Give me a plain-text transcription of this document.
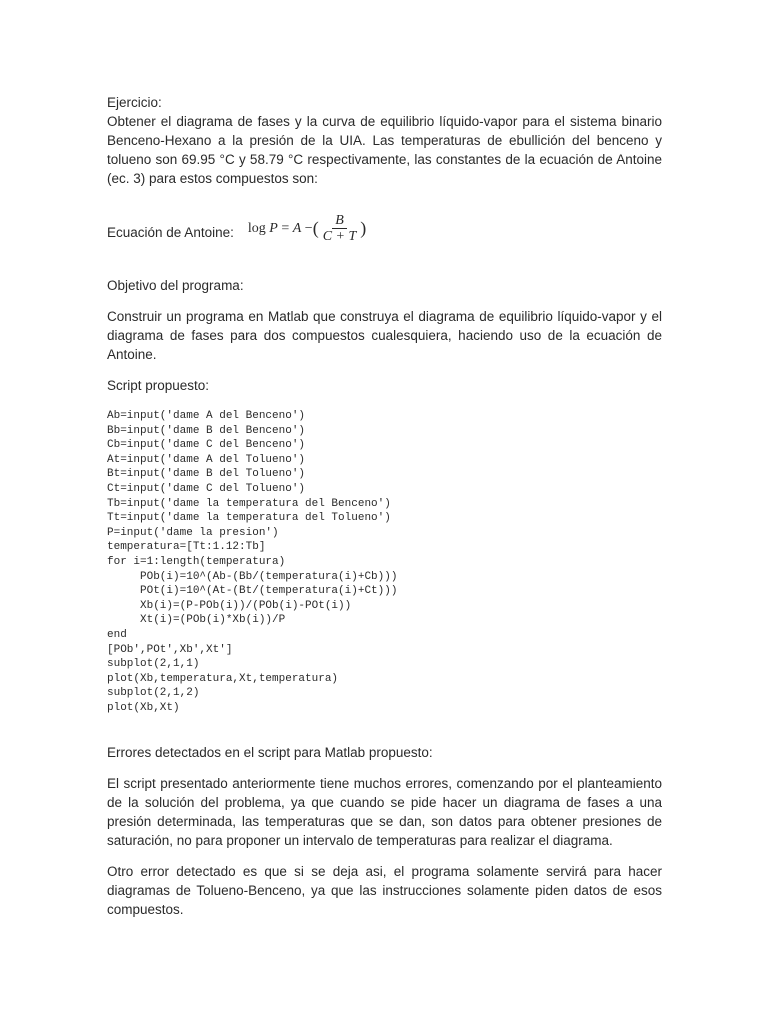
Ejercicio:

Obtener el diagrama de fases y la curva de equilibrio líquido-vapor para el sistema binario Benceno-Hexano a la presión de la UIA. Las temperaturas de ebullición del benceno y tolueno son 69.95 °C y 58.79 °C respectivamente, las constantes de la ecuación de Antoine (ec. 3) para estos compuestos son:

Ecuación de Antoine: log
P = A − ( $\frac{B}{C + T}$ )

Objetivo del programa:

Construir un programa en Matlab que construya el diagrama de equilibrio líquido-vapor y el diagrama de fases para dos compuestos cualesquiera, haciendo uso de la ecuación de Antoine.

Script propuesto:

Ab=input('dame A del Benceno')
Bb=input('dame B del Benceno')
Cb=input('dame C del Benceno')
At=input('dame A del Tolueno')
Bt=input('dame B del Tolueno')
Ct=input('dame C del Tolueno')
Tb=input('dame la temperatura del Benceno')
Tt=input('dame la temperatura del Tolueno')
P=input('dame la presion')
temperatura=[Tt:1.12:Tb]
for i=1:length(temperatura)
POb(i)=10^(Ab-(Bb/(temperatura(i)+Cb)))
POt(i)=10^(At-(Bt/(temperatura(i)+Ct)))
Xb(i)=(P-POb(i))/(POb(i)-POt(i))
Xt(i)=(POb(i)*Xb(i))/P
end
[POb',POt',Xb',Xt']
subplot(2,1,1)
plot(Xb,temperatura,Xt,temperatura)
subplot(2,1,2)
plot(Xb,Xt)

Errores detectados en el script para Matlab propuesto:

El script presentado anteriormente tiene muchos errores, comenzando por el planteamiento de la solución del problema, ya que cuando se pide hacer un diagrama de fases a una presión determinada, las temperaturas que se dan, son datos para obtener presiones de saturación, no para proponer un intervalo de temperaturas para realizar el diagrama.

Otro error detectado es que si se deja asi, el programa solamente servirá para hacer diagramas de Tolueno-Benceno, ya que las instrucciones solamente piden datos de esos compuestos.
